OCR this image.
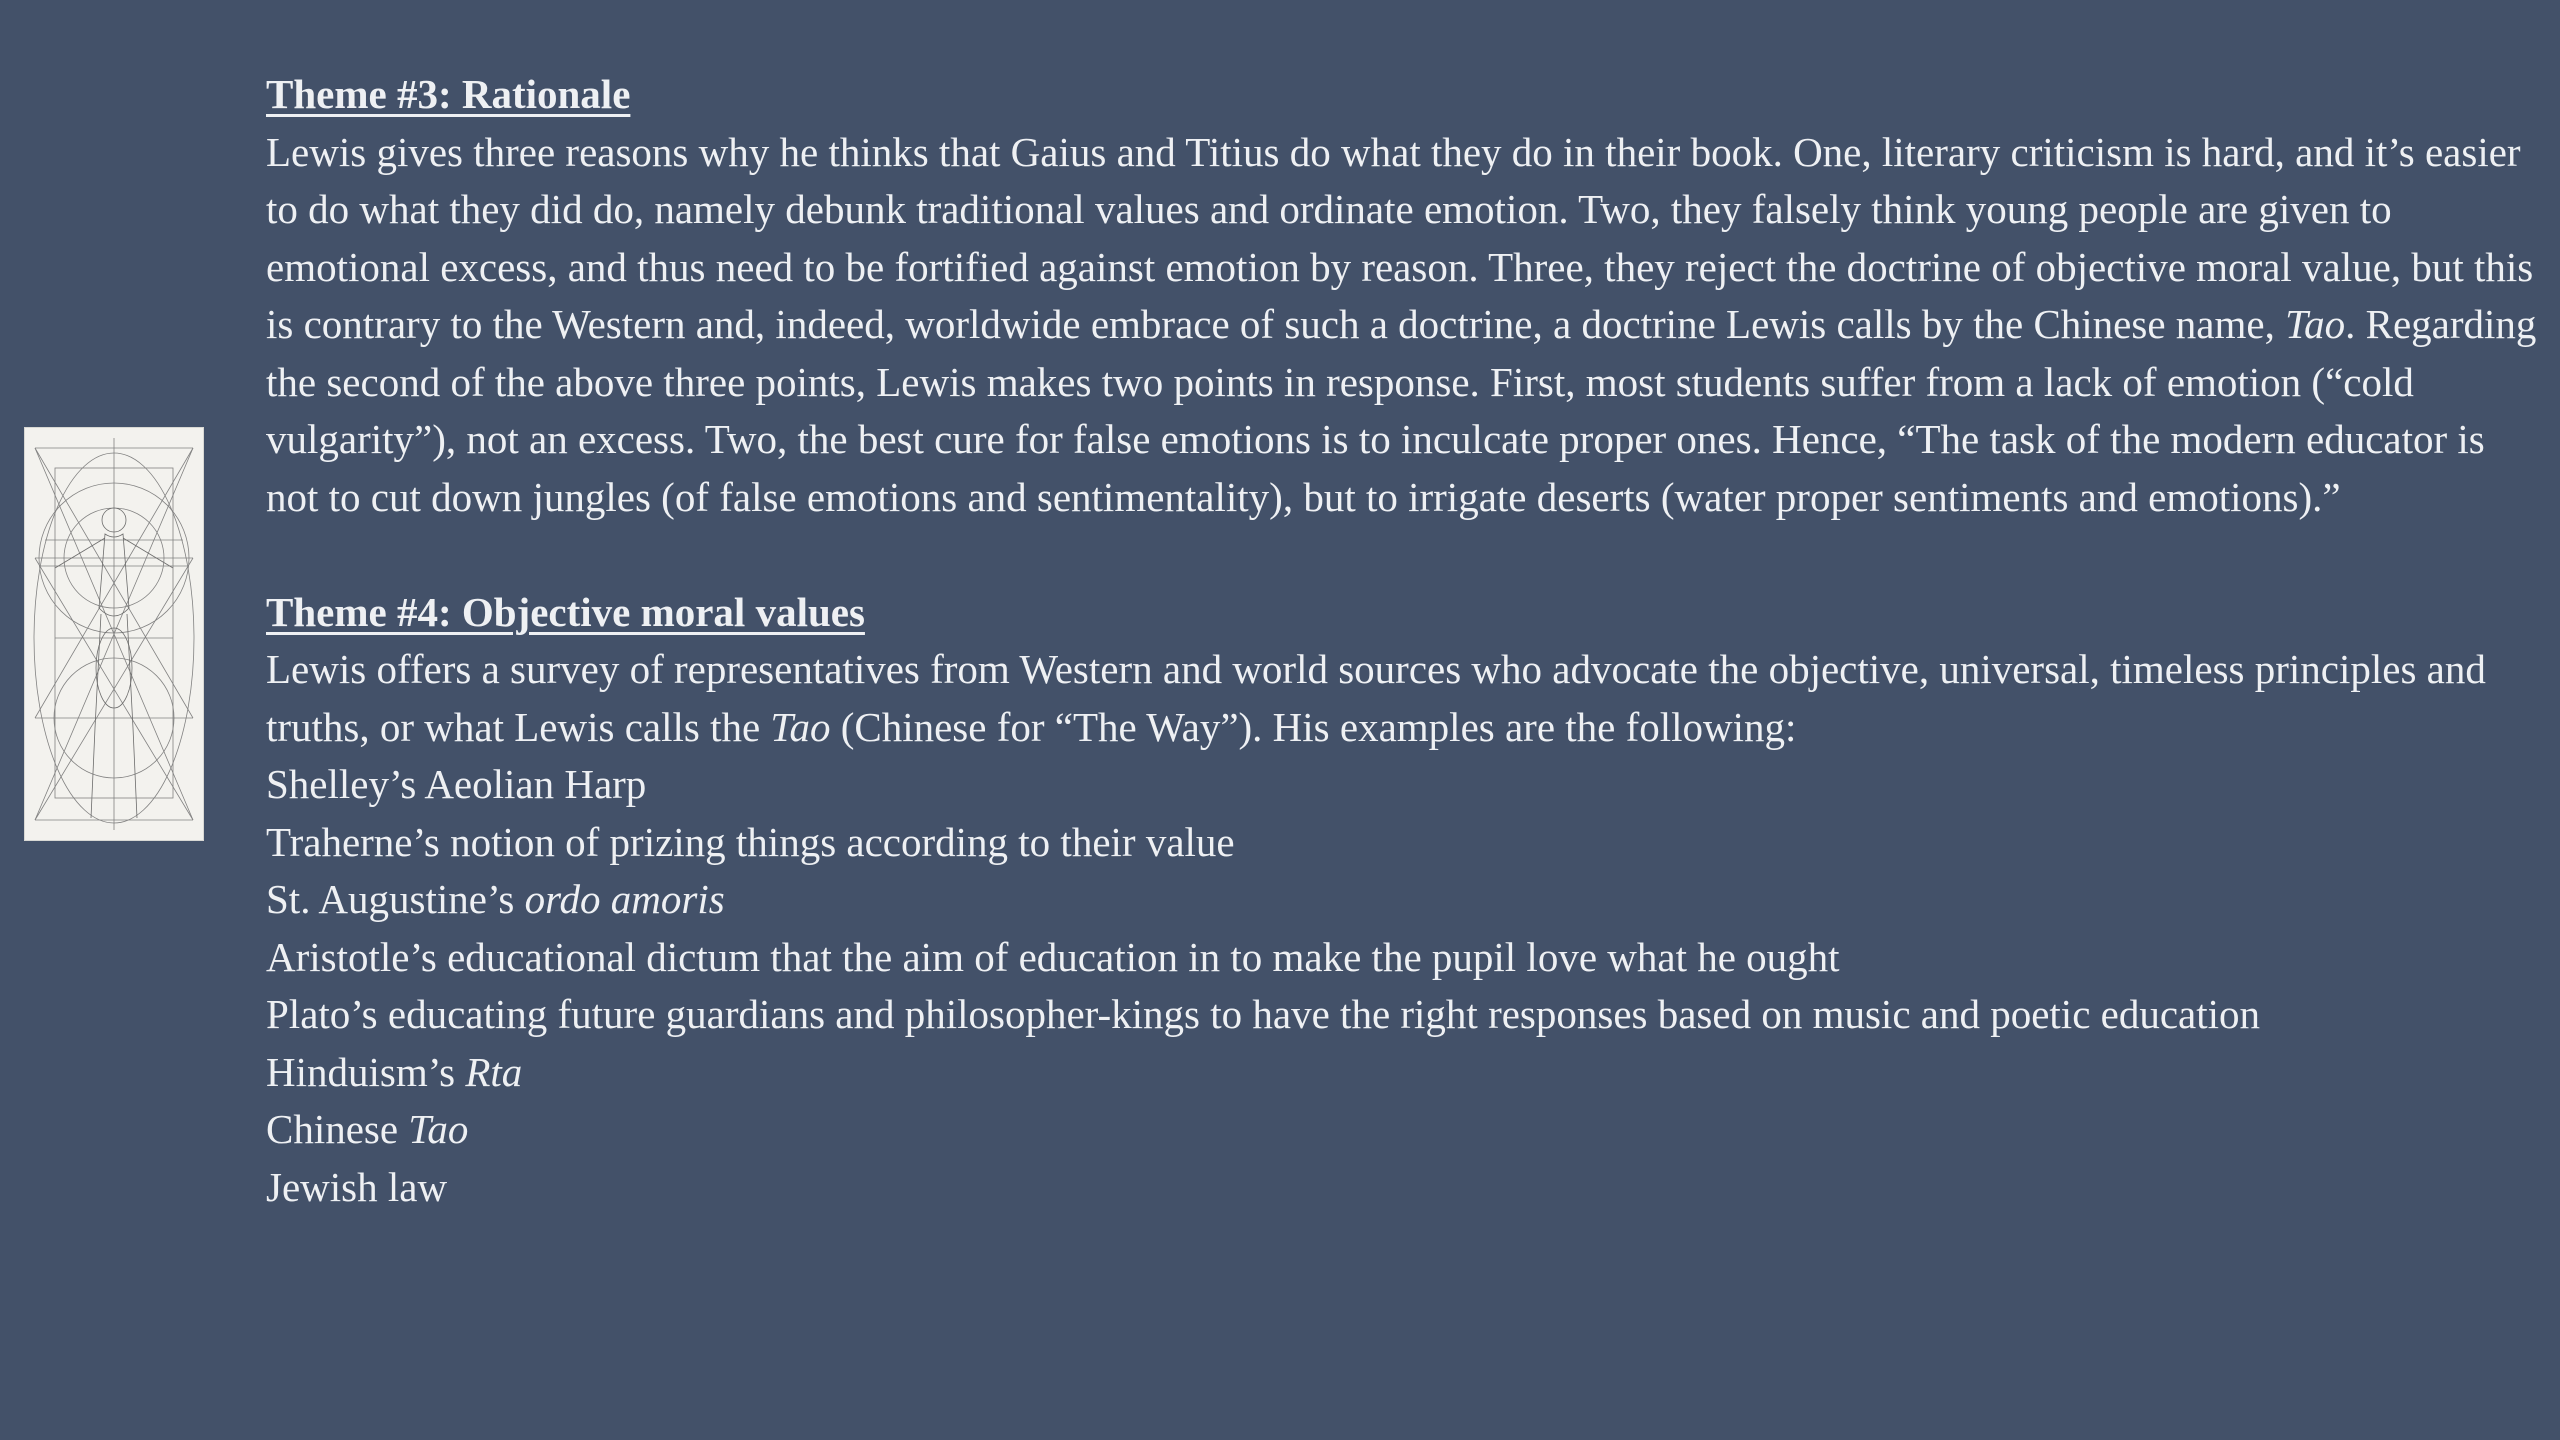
Theme #3: Rationale

Lewis gives three reasons why he thinks that Gaius and Titius do what they do in their book. One, literary criticism is hard, and it’s easier to do what they did do, namely debunk traditional values and ordinate emotion. Two, they falsely think young people are given to emotional excess, and thus need to be fortified against emotion by reason. Three, they reject the doctrine of objective moral value, but this is contrary to the Western and, indeed, worldwide embrace of such a doctrine, a doctrine Lewis calls by the Chinese name, Tao. Regarding the second of the above three points, Lewis makes two points in response. First, most students suffer from a lack of emotion (“cold vulgarity”), not an excess. Two, the best cure for false emotions is to inculcate proper ones. Hence, “The task of the modern educator is not to cut down jungles (of false emotions and sentimentality), but to irrigate deserts (water proper sentiments and emotions).”

Theme #4: Objective moral values

Lewis offers a survey of representatives from Western and world sources who advocate the objective, universal, timeless principles and truths, or what Lewis calls the Tao (Chinese for “The Way”). His examples are the following:

Shelley’s Aeolian Harp
Traherne’s notion of prizing things according to their value
St. Augustine’s ordo amoris
Aristotle’s educational dictum that the aim of education in to make the pupil love what he ought
Plato’s educating future guardians and philosopher-kings to have the right responses based on music and poetic education
Hinduism’s Rta
Chinese Tao
Jewish law
